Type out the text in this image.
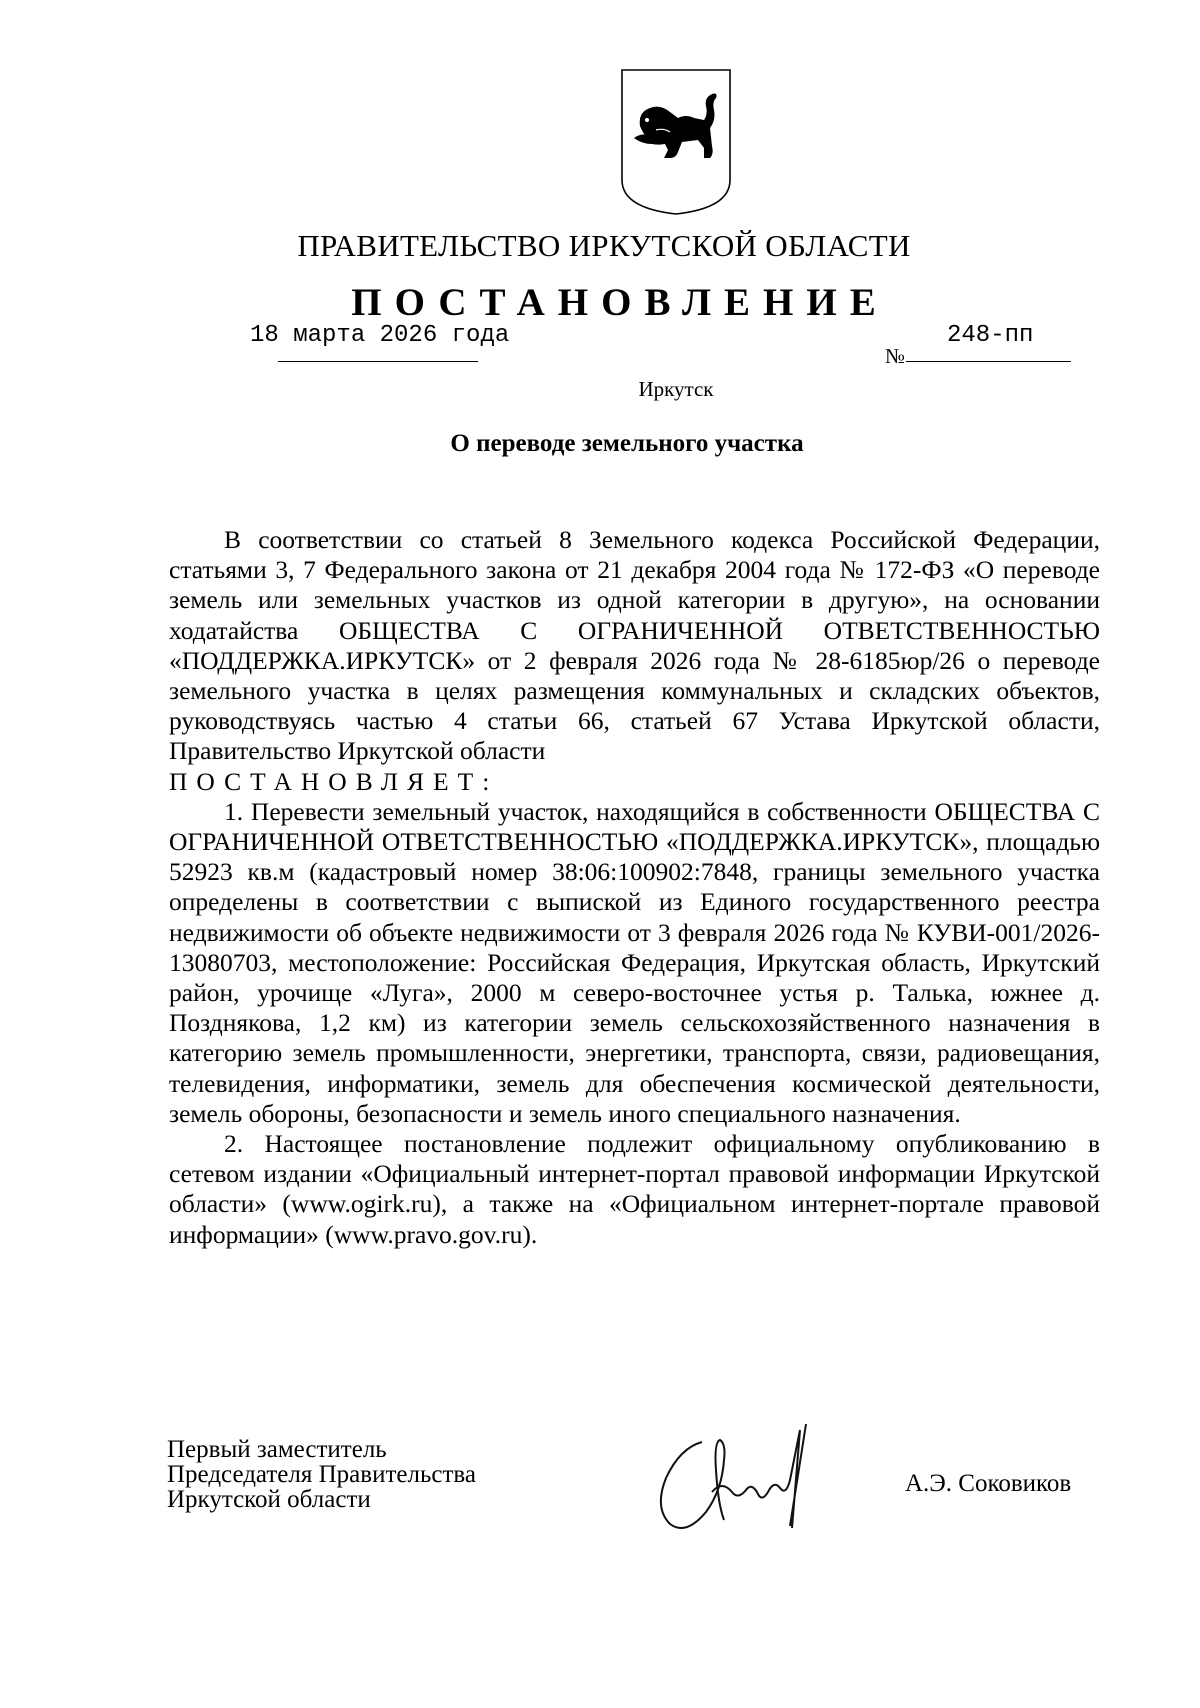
ПРАВИТЕЛЬСТВО ИРКУТСКОЙ ОБЛАСТИ
ПОСТАНОВЛЕНИЕ
18 марта 2026 года
№
248-пп
Иркутск
О переводе земельного участка

В соответствии со статьей 8 Земельного кодекса Российской Федерации, статьями 3, 7 Федерального закона от 21 декабря 2004 года № 172-ФЗ «О переводе земель или земельных участков из одной категории в другую», на основании ходатайства ОБЩЕСТВА С ОГРАНИЧЕННОЙ ОТВЕТСТВЕННОСТЬЮ «ПОДДЕРЖКА.ИРКУТСК» от 2 февраля 2026 года № 28-6185юр/26 о переводе земельного участка в целях размещения коммунальных и складских объектов, руководствуясь частью 4 статьи 66, статьей 67 Устава Иркутской области, Правительство Иркутской области

ПОСТАНОВЛЯЕТ:

1. Перевести земельный участок, находящийся в собственности ОБЩЕСТВА С ОГРАНИЧЕННОЙ ОТВЕТСТВЕННОСТЬЮ «ПОДДЕРЖКА.ИРКУТСК», площадью 52923 кв.м (кадастровый номер 38:06:100902:7848, границы земельного участка определены в соответствии с выпиской из Единого государственного реестра недвижимости об объекте недвижимости от 3 февраля 2026 года № КУВИ-001/2026-13080703, местоположение: Российская Федерация, Иркутская область, Иркутский район, урочище «Луга», 2000 м северо-восточнее устья р. Талька, южнее д. Позднякова, 1,2 км) из категории земель сельскохозяйственного назначения в категорию земель промышленности, энергетики, транспорта, связи, радиовещания, телевидения, информатики, земель для обеспечения космической деятельности, земель обороны, безопасности и земель иного специального назначения.

2. Настоящее постановление подлежит официальному опубликованию в сетевом издании «Официальный интернет-портал правовой информации Иркутской области» (www.ogirk.ru), а также на «Официальном интернет-портале правовой информации» (www.pravo.gov.ru).

Первый заместитель
Председателя Правительства
Иркутской области
А.Э. Соковиков
